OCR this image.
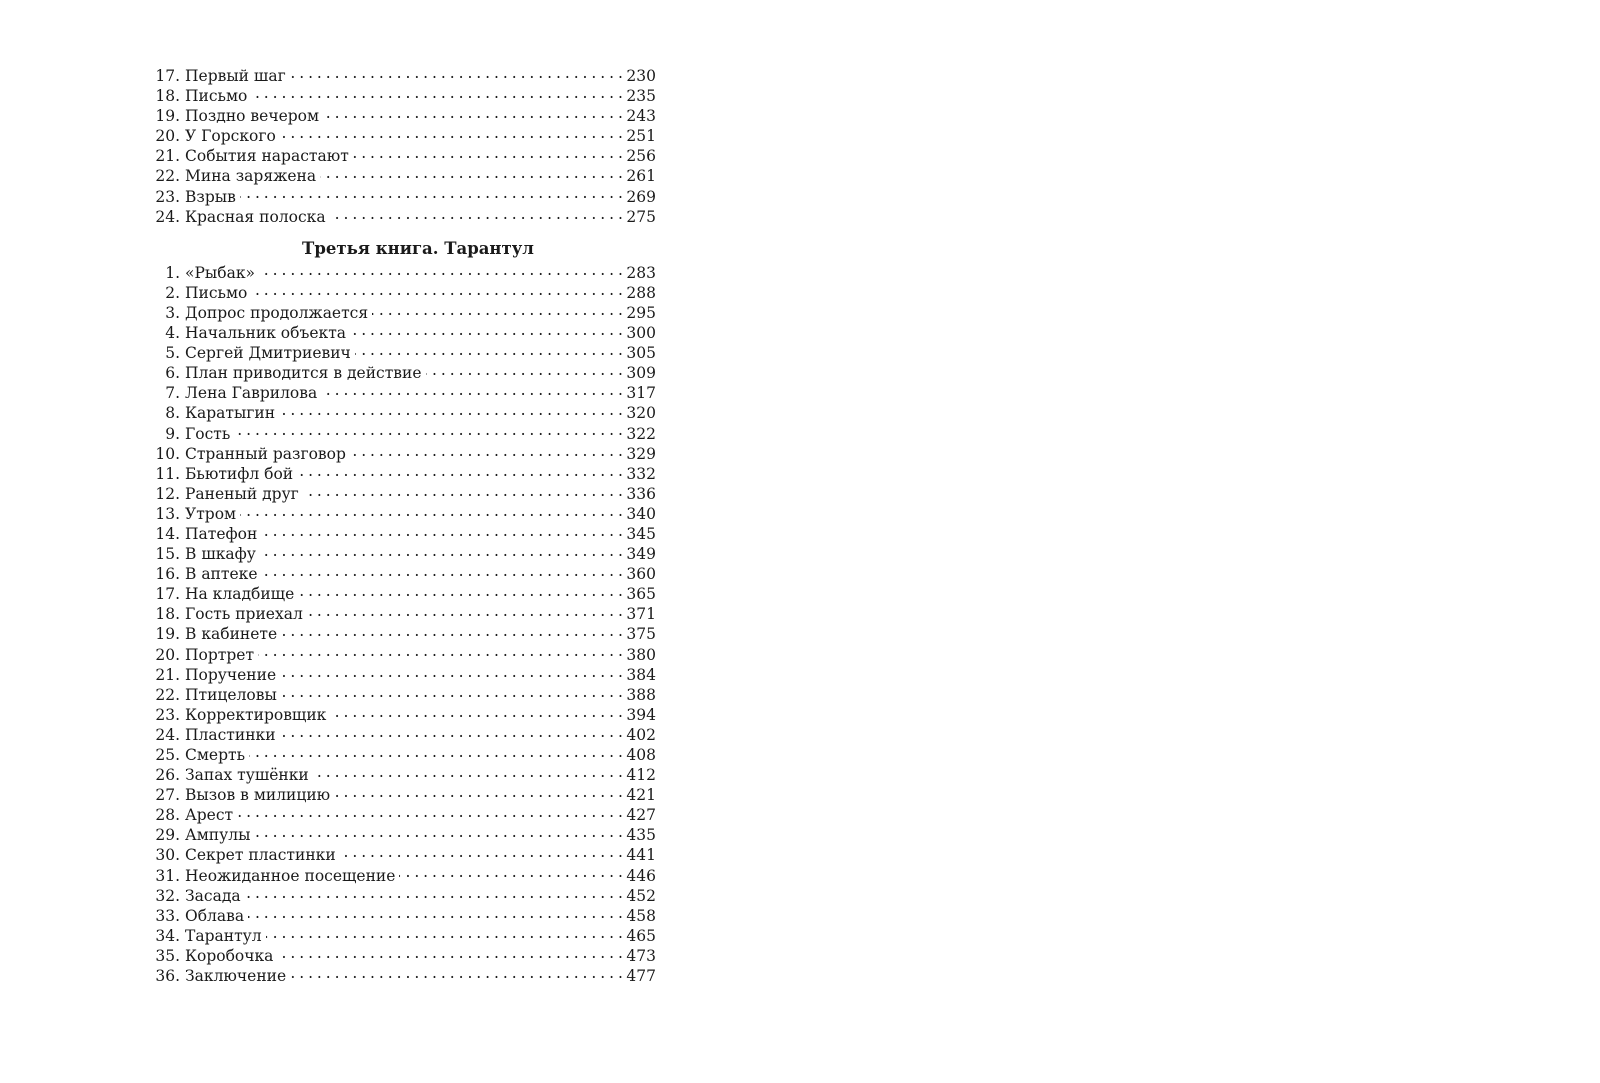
17. Первый шаг . . .	230
18. Письмо . . .	235
19. Поздно вечером . . .	243
20. У Горского . . .	251
21. События нарастают . . .	256
22. Мина заряжена . . .	261
23. Взрыв . . .	269
24. Красная полоска . . .	275
Третья книга. Тарантул
1. «Рыбак» . . .	283
2. Письмо . . .	288
3. Допрос продолжается . . .	295
4. Начальник объекта . . .	300
5. Сергей Дмитриевич . . .	305
6. План приводится в действие . . .	309
7. Лена Гаврилова . . .	317
8. Каратыгин . . .	320
9. Гость . . .	322
10. Странный разговор . . .	329
11. Бьютифл бой . . .	332
12. Раненый друг . . .	336
13. Утром . . .	340
14. Патефон . . .	345
15. В шкафу . . .	349
16. В аптеке . . .	360
17. На кладбище . . .	365
18. Гость приехал . . .	371
19. В кабинете . . .	375
20. Портрет . . .	380
21. Поручение . . .	384
22. Птицеловы . . .	388
23. Корректировщик . . .	394
24. Пластинки . . .	402
25. Смерть . . .	408
26. Запах тушёнки . . .	412
27. Вызов в милицию . . .	421
28. Арест . . .	427
29. Ампулы . . .	435
30. Секрет пластинки . . .	441
31. Неожиданное посещение . . .	446
32. Засада . . .	452
33. Облава . . .	458
34. Тарантул . . .	465
35. Коробочка . . .	473
36. Заключение . . .	477
